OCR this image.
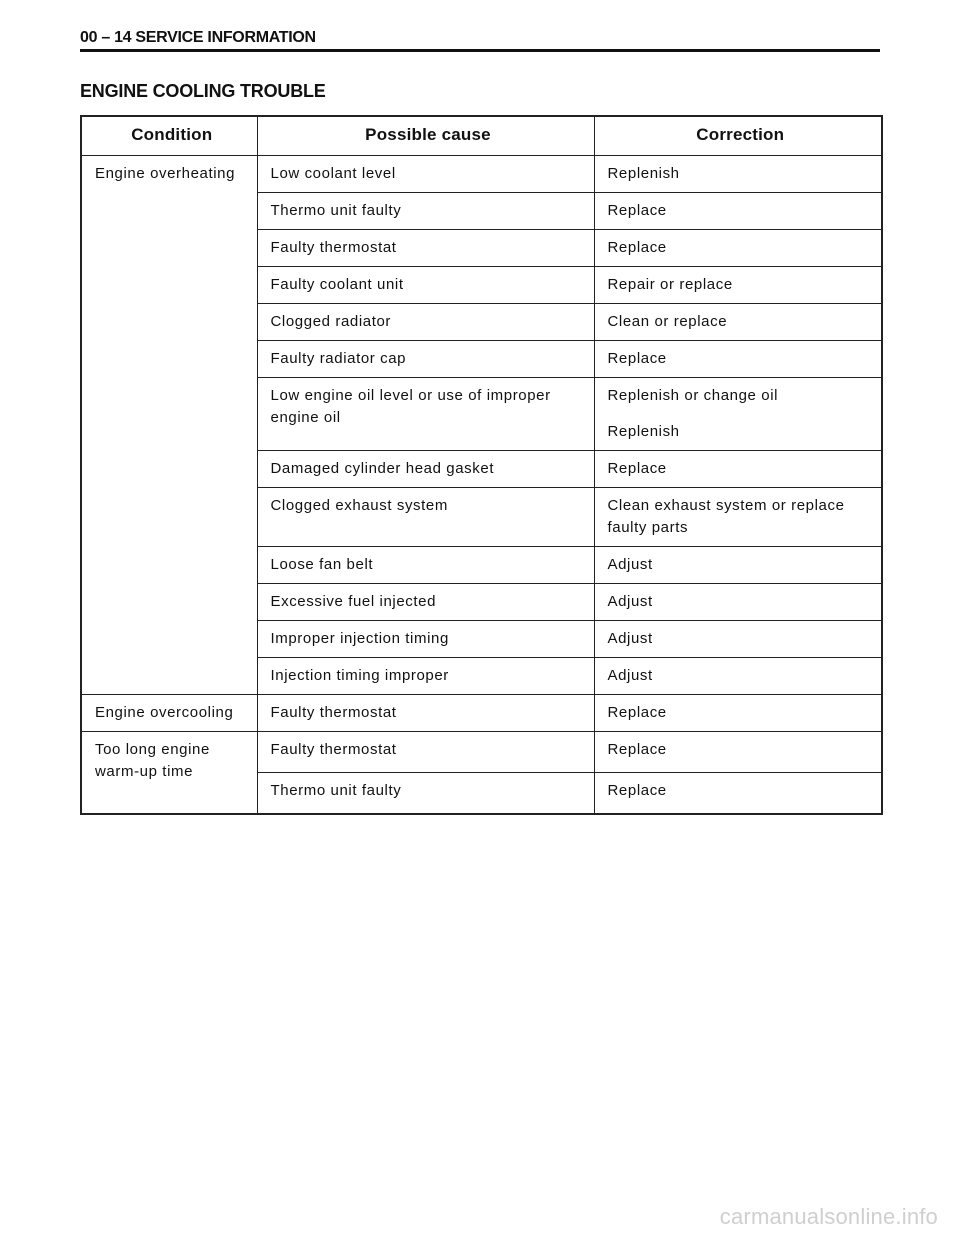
00 – 14 SERVICE INFORMATION
ENGINE COOLING TROUBLE
Condition	Possible cause	Correction
Engine overheating	Low coolant level	Replenish
	Thermo unit faulty	Replace
	Faulty thermostat	Replace
	Faulty coolant unit	Repair or replace
	Clogged radiator	Clean or replace
	Faulty radiator cap	Replace
	Low engine oil level or use of improper engine oil	Replenish or change oil
Replenish

	Damaged cylinder head gasket	Replace
	Clogged exhaust system	Clean exhaust system or replace faulty parts
	Loose fan belt	Adjust
	Excessive fuel injected	Adjust
	Improper injection timing	Adjust
	Injection timing improper	Adjust
Engine overcooling	Faulty thermostat	Replace
Too long engine warm-up time	Faulty thermostat	Replace
	Thermo unit faulty	Replace
carmanualsonline.info
